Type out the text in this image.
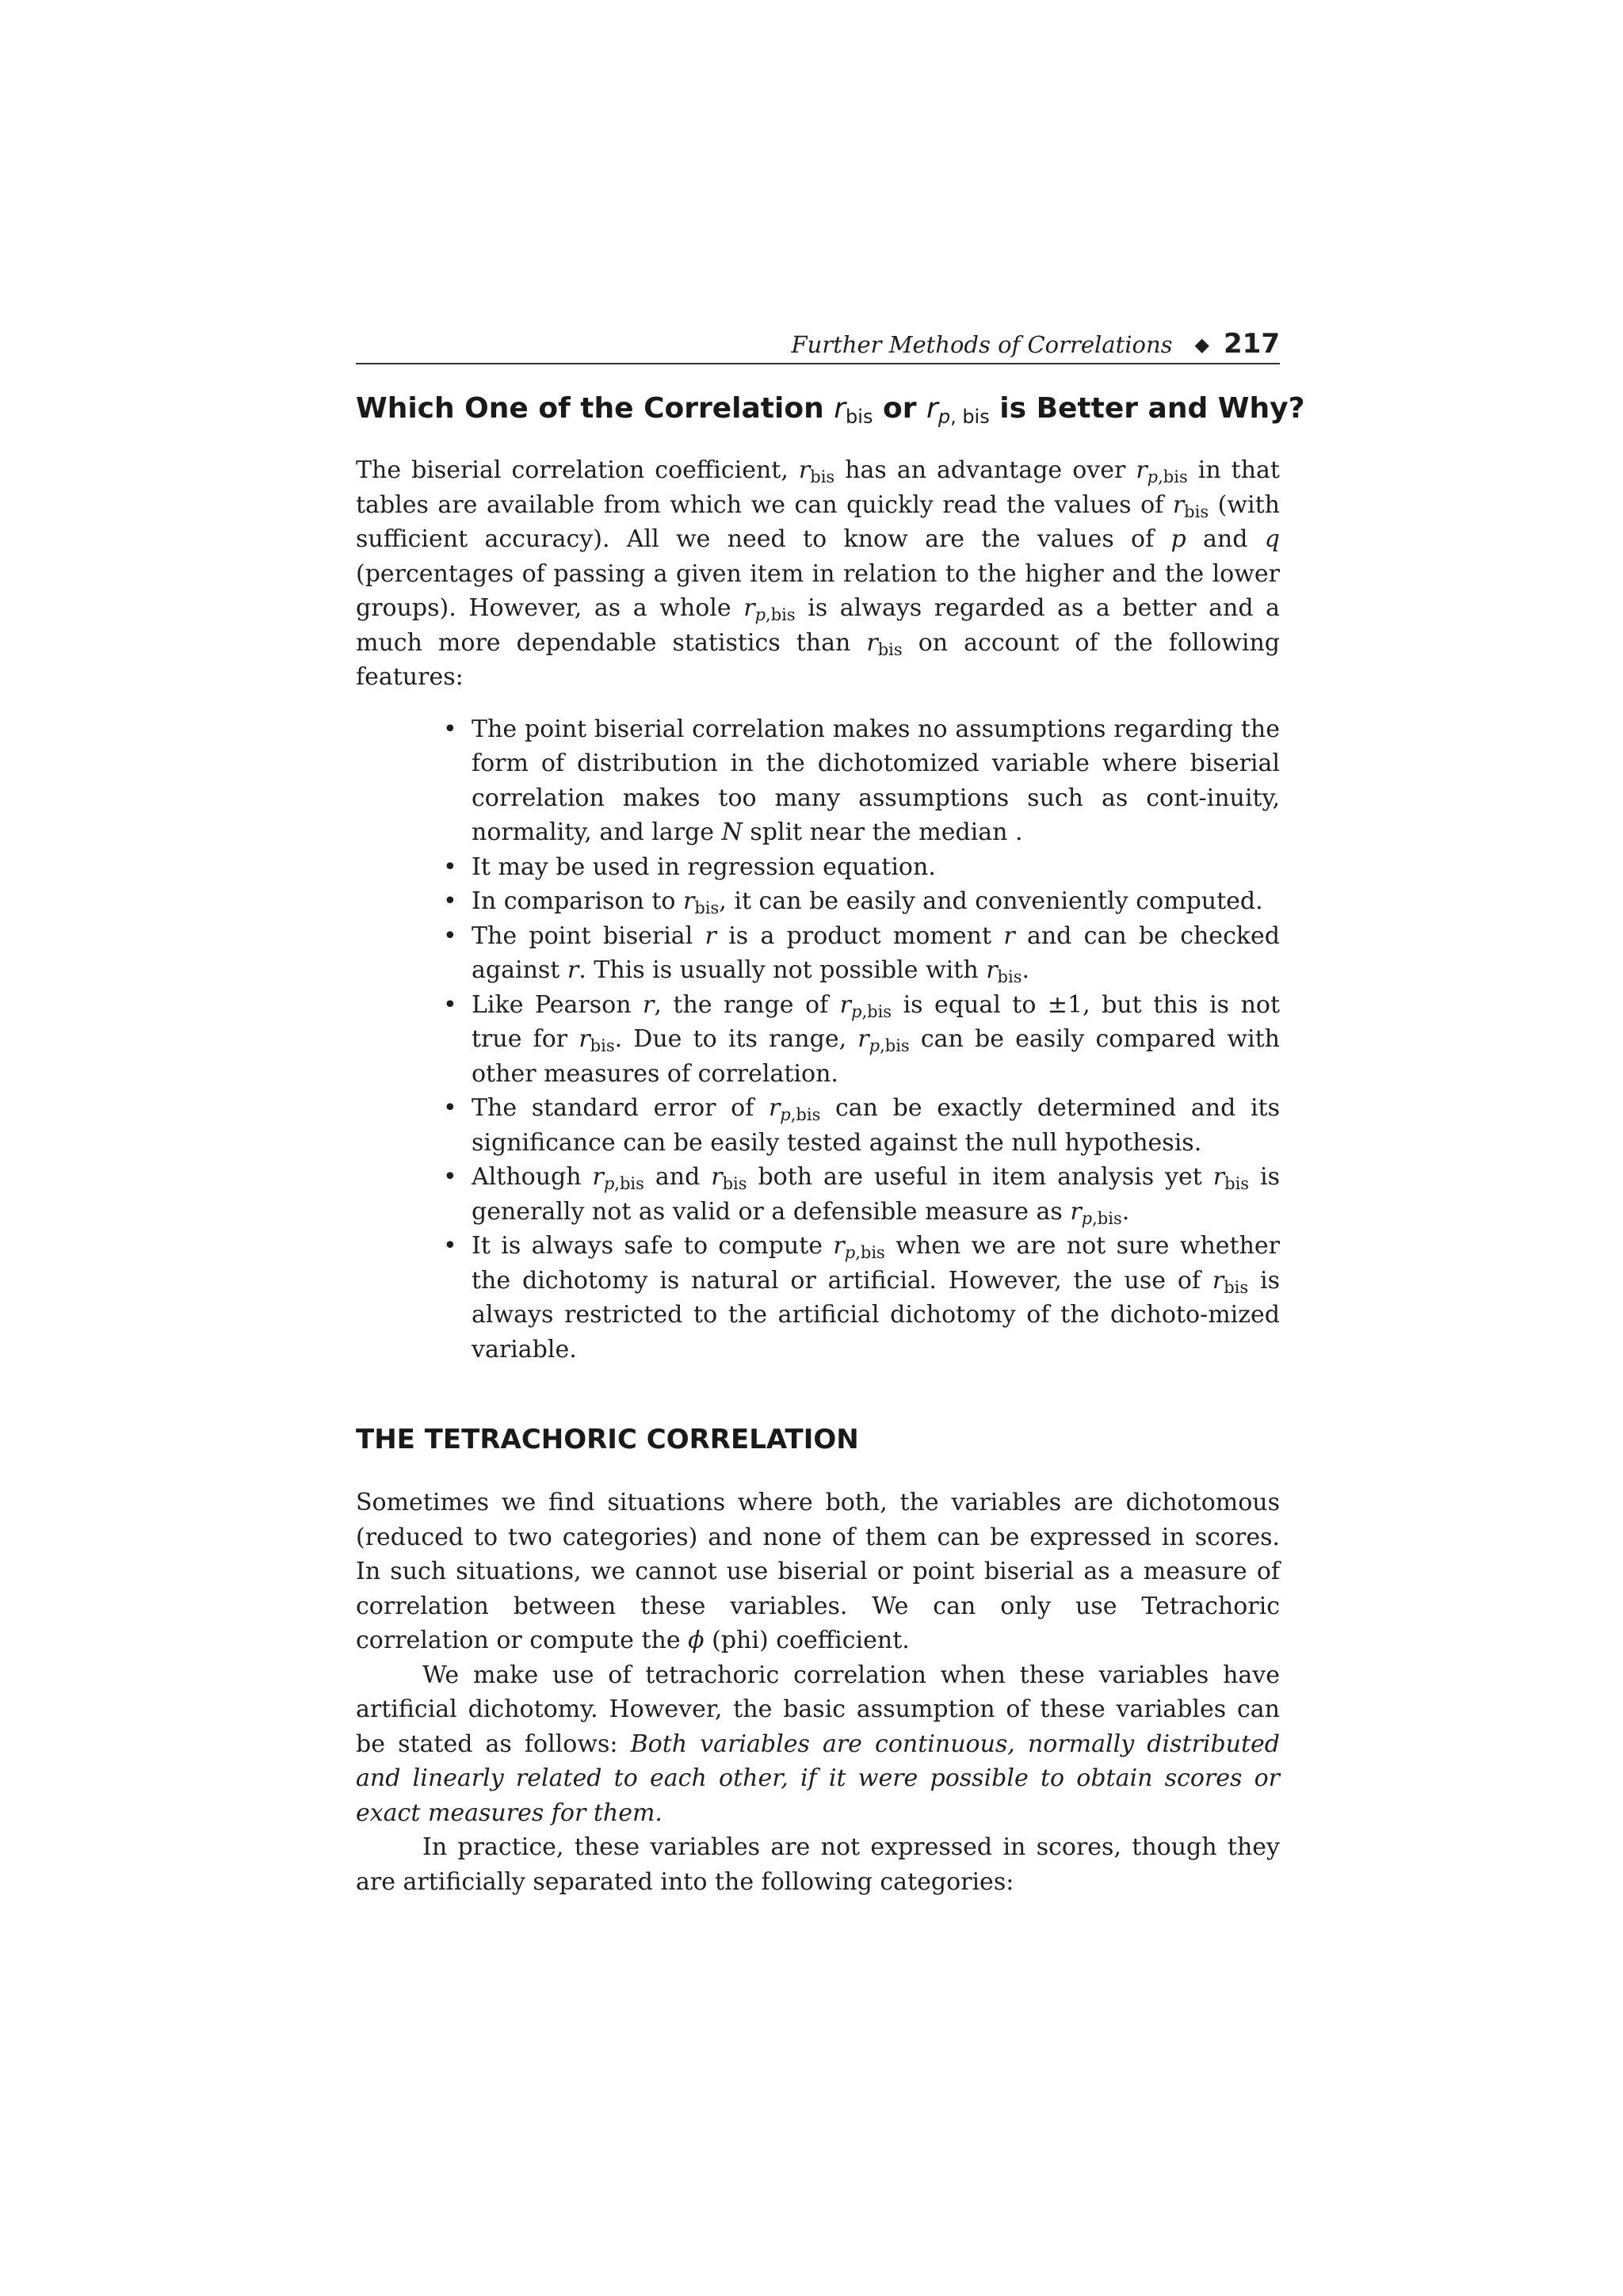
Further Methods of Correlations ◆ 217
Which One of the Correlation $r_{bis}$ or $r_{p, bis}$ is Better and Why?

The biserial correlation coefficient, $r_{bis}$ has an advantage over $r_{p,bis}$ in that tables are available from which we can quickly read the values of $r_{bis}$ (with sufficient accuracy). All we need to know are the values of p and q (percentages of passing a given item in relation to the higher and the lower groups). However, as a whole $r_{p,bis}$ is always regarded as a better and a much more dependable statistics than $r_{bis}$ on account of the following features:

• The point biserial correlation makes no assumptions regarding the form of distribution in the dichotomized variable where biserial correlation makes too many assumptions such as cont-inuity, normality, and large N split near the median .
• It may be used in regression equation.
• In comparison to $r_{bis}$, it can be easily and conveniently computed.
• The point biserial r is a product moment r and can be checked against r. This is usually not possible with $r_{bis}$.
• Like Pearson r, the range of $r_{p,bis}$ is equal to ±1, but this is not true for $r_{bis}$. Due to its range, $r_{p,bis}$ can be easily compared with other measures of correlation.
• The standard error of $r_{p,bis}$ can be exactly determined and its significance can be easily tested against the null hypothesis.
• Although $r_{p,bis}$ and $r_{bis}$ both are useful in item analysis yet $r_{bis}$ is generally not as valid or a defensible measure as $r_{p,bis}$.
• It is always safe to compute $r_{p,bis}$ when we are not sure whether the dichotomy is natural or artificial. However, the use of $r_{bis}$ is always restricted to the artificial dichotomy of the dichoto-mized variable.
THE TETRACHORIC CORRELATION

Sometimes we find situations where both, the variables are dichotomous (reduced to two categories) and none of them can be expressed in scores. In such situations, we cannot use biserial or point biserial as a measure of correlation between these variables. We can only use Tetrachoric correlation or compute the ϕ (phi) coefficient.

We make use of tetrachoric correlation when these variables have artificial dichotomy. However, the basic assumption of these variables can be stated as follows: Both variables are continuous, normally distributed and linearly related to each other, if it were possible to obtain scores or exact measures for them.

In practice, these variables are not expressed in scores, though they are artificially separated into the following categories:
